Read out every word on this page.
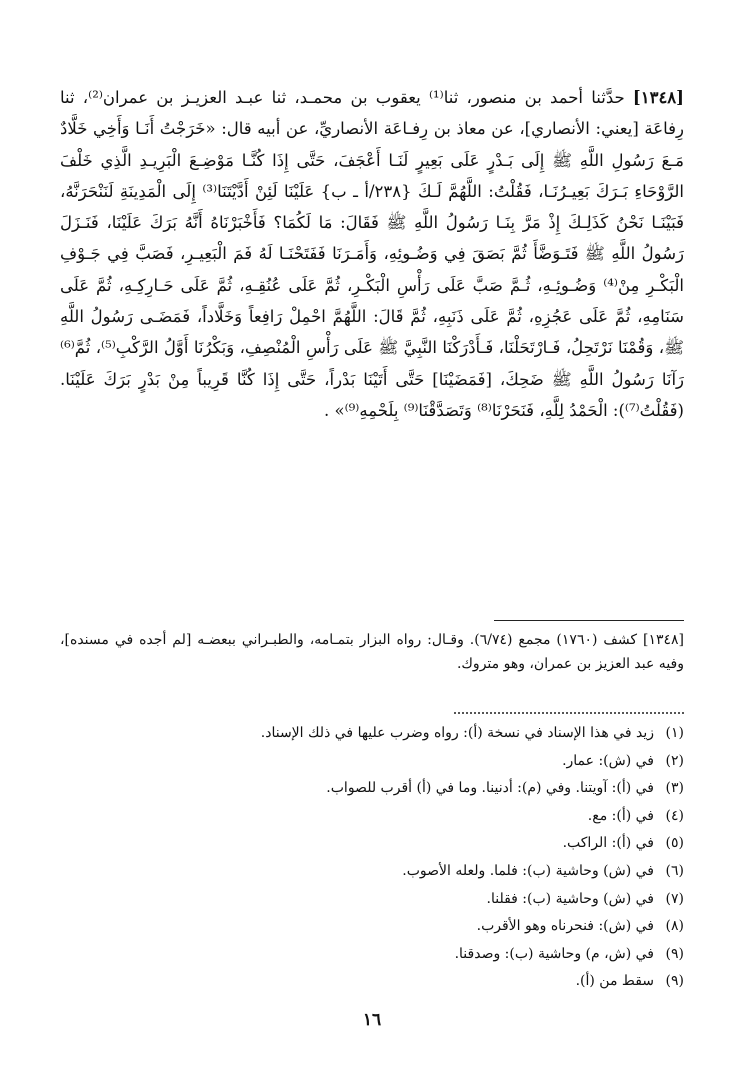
[١٣٤٨] حدَّثنا أحمد بن منصور، ثنا⁽¹⁾ يعقوب بن محمـد، ثنا عبـد العزيـز بن عمران⁽²⁾، ثنا رِفاعَة [يعني: الأنصاري]، عن معاذ بن رِفـاعَة الأنصاريِّ، عن أبيه قال: «خَرَجْتُ أَنَـا وَأَخِي خَلَّادٌ مَـعَ رَسُولِ اللَّهِ ﷺ إِلَى بَـدْرٍ عَلَى بَعِيرٍ لَنَـا أَعْجَفَ، حَتَّى إِذَا كُنَّـا مَوْضِـعَ الْبَرِيـدِ الَّذِي خَلْفَ الرَّوْحَاءِ بَـرَكَ بَعِيـرُنَـا، فَقُلْتُ: اللَّهُمَّ لَـكَ {٢٣٨/أ ـ ب} عَلَيْنَا لَئِنْ أَدَّيْتَنَا⁽³⁾ إِلَى الْمَدِينَةِ لَنَنْحَرَنَّهُ، فَبَيْنَـا نَحْنُ كَذَلِـكَ إِذْ مَرَّ بِنَـا رَسُولُ اللَّهِ ﷺ فَقَالَ: مَا لَكُمَا؟ فَأَخْبَرْنَاهُ أَنَّهُ بَرَكَ عَلَيْنَا، فَنَـزَلَ رَسُولُ اللَّهِ ﷺ فَتَـوَضَّأَ ثُمَّ بَصَقَ فِي وَضُـوئِهِ، وَأَمَـرَنَا فَفَتَحْنَـا لَهُ فَمَ الْبَعِيـرِ، فَصَبَّ فِي جَـوْفِ الْبَكْـرِ مِنْ⁽⁴⁾ وَضُـوئِـهِ، ثُـمَّ صَبَّ عَلَى رَأْسِ الْبَكْـرِ، ثُمَّ عَلَى عُنُقِـهِ، ثُمَّ عَلَى حَـارِكِـهِ، ثُمَّ عَلَى سَنَامِهِ، ثُمَّ عَلَى عَجُزِهِ، ثُمَّ عَلَى ذَنَبِهِ، ثُمَّ قَالَ: اللَّهُمَّ احْمِلْ رَافِعاً وَخَلَّاداً، فَمَضَـى رَسُولُ اللَّهِ ﷺ، وَقُمْنَا نَرْتَحِلُ، فَـارْتَحَلْنَا، فَـأَدْرَكْنَا النَّبِيَّ ﷺ عَلَى رَأْسِ الْمُنْصِفِ، وَبَكْرُنَا أَوَّلُ الرَّكْبِ⁽⁵⁾، ثُمَّ⁽⁶⁾ رَآنَا رَسُولُ اللَّهِ ﷺ ضَحِكَ، [فَمَضَيْنَا] حَتَّى أَتَيْنَا بَدْراً، حَتَّى إِذَا كُنَّا قَرِيباً مِنْ بَدْرٍ بَرَكَ عَلَيْنَا. (فَقُلْتُ⁽⁷⁾): الْحَمْدُ لِلَّهِ، فَنَحَرْنَا⁽⁸⁾ وَتَصَدَّقْنَا⁽⁹⁾ بِلَحْمِهِ⁽⁹⁾» .

[١٣٤٨] كشف (١٧٦٠) مجمع (٦/٧٤). وقـال: رواه البزار بتمـامه، والطبـراني ببعضـه [لم أجده في مسنده]، وفيه عبد العزيز بن عمران، وهو متروك.

(١)زيد في هذا الإسناد في نسخة (أ): رواه وضرب عليها في ذلك الإسناد.
(٢)في (ش): عمار.
(٣)في (أ): آويتنا. وفي (م): أدنينا. وما في (أ) أقرب للصواب.
(٤)في (أ): مع.
(٥)في (أ): الراكب.
(٦)في (ش) وحاشية (ب): فلما. ولعله الأصوب.
(٧)في (ش) وحاشية (ب): فقلنا.
(٨)في (ش): فنحرناه وهو الأقرب.
(٩)في (ش، م) وحاشية (ب): وصدقنا.
(٩)سقط من (أ).
١٦
